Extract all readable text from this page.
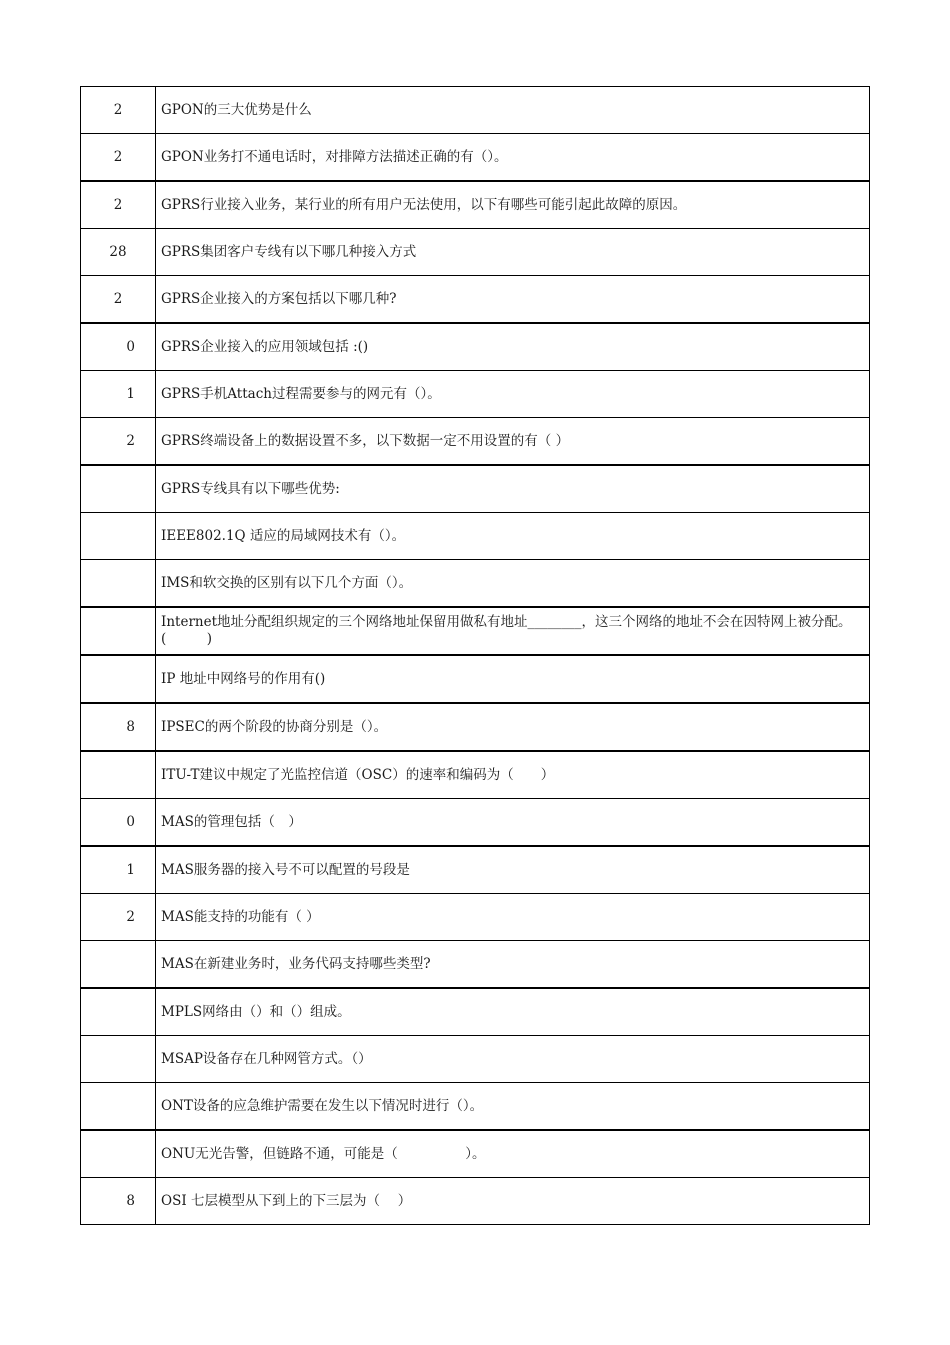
2	GPON的三大优势是什么
2	GPON业务打不通电话时，对排障方法描述正确的有（）。
2	GPRS行业接入业务，某行业的所有用户无法使用，以下有哪些可能引起此故障的原因。
28	GPRS集团客户专线有以下哪几种接入方式
2	GPRS企业接入的方案包括以下哪几种?
0	GPRS企业接入的应用领域包括 :()
1	GPRS手机Attach过程需要参与的网元有（）。
2	GPRS终端设备上的数据设置不多，以下数据一定不用设置的有（ ）
	GPRS专线具有以下哪些优势:
	IEEE802.1Q 适应的局域网技术有（）。
	IMS和软交换的区别有以下几个方面（）。
	Internet地址分配组织规定的三个网络地址保留用做私有地址________，这三个网络的地址不会在因特网上被分配。(　　　)
	IP 地址中网络号的作用有()
8	IPSEC的两个阶段的协商分别是（）。
	ITU-T建议中规定了光监控信道（OSC）的速率和编码为（　　）
0	MAS的管理包括（　）
1	MAS服务器的接入号不可以配置的号段是
2	MAS能支持的功能有（ ）
	MAS在新建业务时，业务代码支持哪些类型?
	MPLS网络由（）和（）组成。
	MSAP设备存在几种网管方式。（）
	ONT设备的应急维护需要在发生以下情况时进行（）。
	ONU无光告警，但链路不通，可能是（　　　　　）。
8	OSI 七层模型从下到上的下三层为（　 ）
